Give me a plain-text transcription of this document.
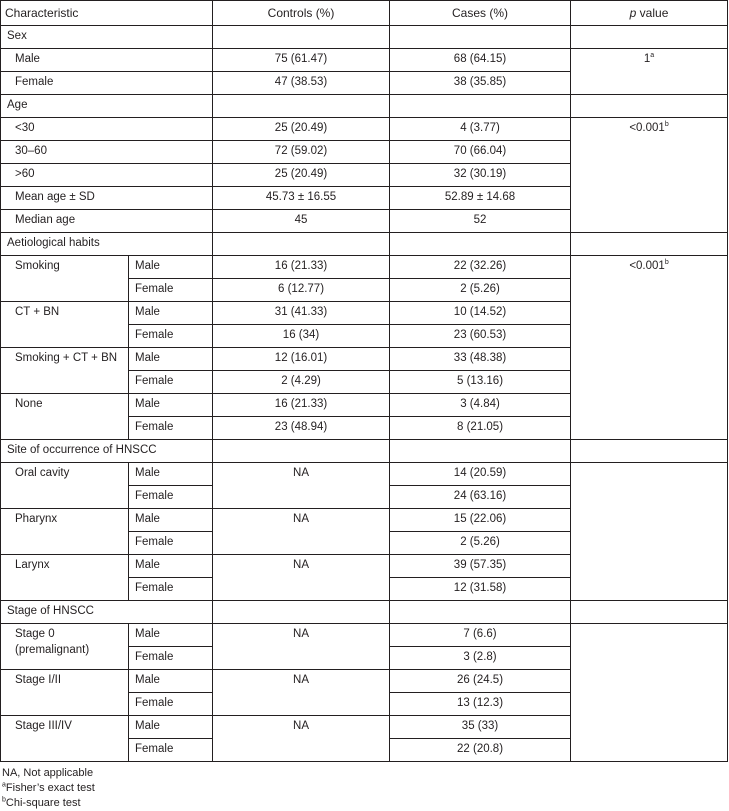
Characteristic		Controls (%)	Cases (%)	p value
Sex				
Male		75 (61.47)	68 (64.15)	1$^a$
Female		47 (38.53)	38 (35.85)	
Age				
<30		25 (20.49)	4 (3.77)	<0.001$^b$
30–60		72 (59.02)	70 (66.04)	
>60		25 (20.49)	32 (30.19)	
Mean age ± SD		45.73 ± 16.55	52.89 ± 14.68	
Median age		45	52	
Aetiological habits				
Smoking	Male	16 (21.33)	22 (32.26)	<0.001$^b$
	Female	6 (12.77)	2 (5.26)	
CT + BN	Male	31 (41.33)	10 (14.52)	
	Female	16 (34)	23 (60.53)	
Smoking + CT + BN	Male	12 (16.01)	33 (48.38)	
	Female	2 (4.29)	5 (13.16)	
None	Male	16 (21.33)	3 (4.84)	
	Female	23 (48.94)	8 (21.05)	
Site of occurrence of HNSCC				
Oral cavity	Male	NA	14 (20.59)	
	Female		24 (63.16)	
Pharynx	Male	NA	15 (22.06)	
	Female		2 (5.26)	
Larynx	Male	NA	39 (57.35)	
	Female		12 (31.58)	
Stage of HNSCC				
Stage 0 (premalignant)	Male	NA	7 (6.6)	
	Female		3 (2.8)	
Stage I/II	Male	NA	26 (24.5)	
	Female		13 (12.3)	
Stage III/IV	Male	NA	35 (33)	
	Female		22 (20.8)	
NA, Not applicable
$^a$Fisher’s exact test
$^b$Chi-square test
